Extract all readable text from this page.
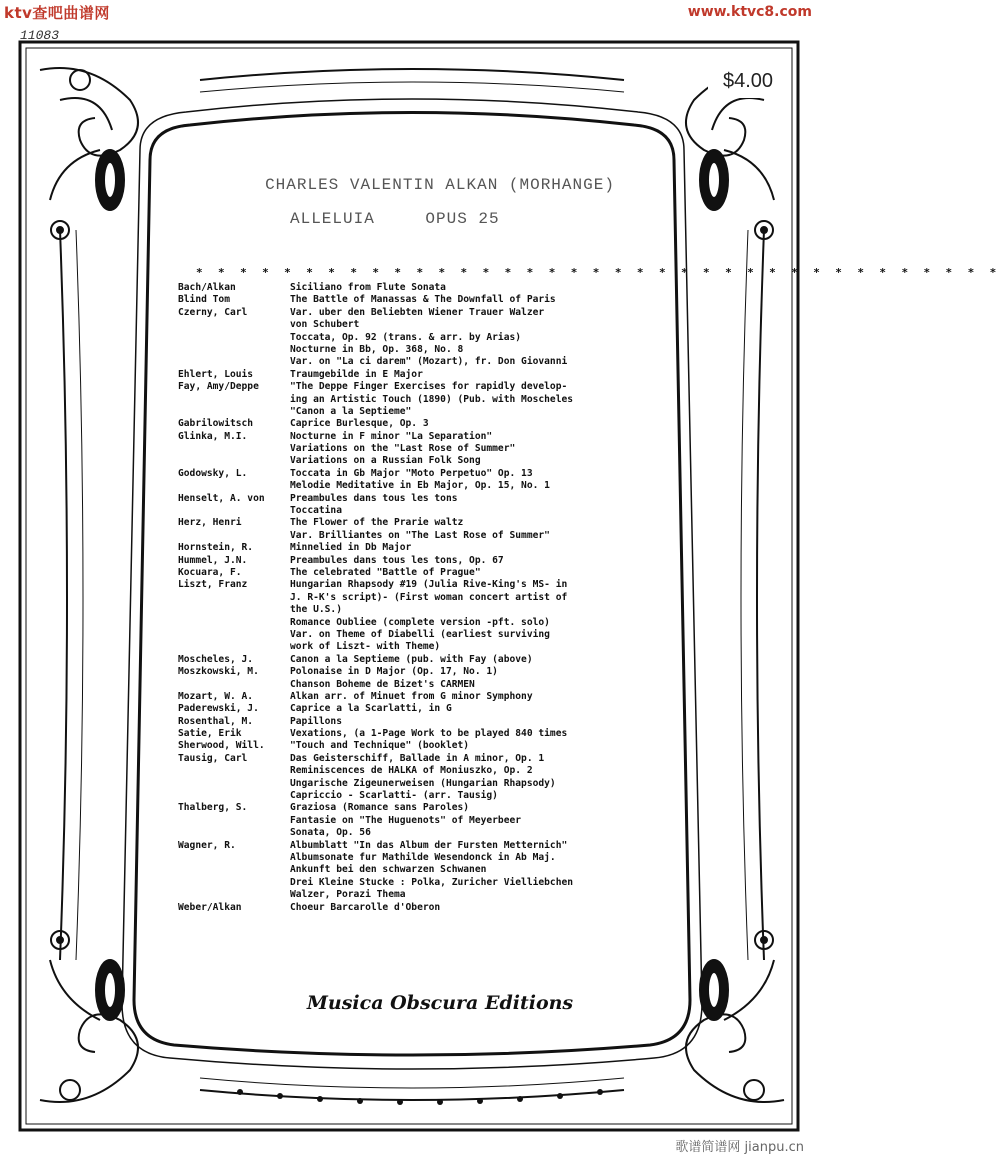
ktv查吧曲谱网	www.ktvc8.com
歌谱简谱网 jianpu.cn
11083
$4.00
CHARLES VALENTIN ALKAN (MORHANGE)
ALLELUIA	OPUS 25
* * * * * * * * * * * * * * * * * * * * * * * * * * * * * * * * * * * * *
Bach/Alkan	Siciliano from Flute Sonata
Blind Tom	The Battle of Manassas & The Downfall of Paris
Czerny, Carl	Var. uber den Beliebten Wiener Trauer Walzer
von Schubert
Toccata, Op. 92 (trans. & arr. by Arias)
Nocturne in Bb, Op. 368, No. 8
Var. on "La ci darem" (Mozart), fr. Don Giovanni
Ehlert, Louis	Traumgebilde in E Major
Fay, Amy/Deppe	"The Deppe Finger Exercises for rapidly develop-
ing an Artistic Touch (1890) (Pub. with Moscheles
"Canon a la Septieme"
Gabrilowitsch	Caprice Burlesque, Op. 3
Glinka, M.I.	Nocturne in F minor "La Separation"
Variations on the "Last Rose of Summer"
Variations on a Russian Folk Song
Godowsky, L.	Toccata in Gb Major "Moto Perpetuo" Op. 13
Melodie Meditative in Eb Major, Op. 15, No. 1
Henselt, A. von	Preambules dans tous les tons
Toccatina
Herz, Henri	The Flower of the Prarie waltz
Var. Brilliantes on "The Last Rose of Summer"
Hornstein, R.	Minnelied in Db Major
Hummel, J.N.	Preambules dans tous les tons, Op. 67
Kocuara, F.	The celebrated "Battle of Prague"
Liszt, Franz	Hungarian Rhapsody #19 (Julia Rive-King's MS- in
J. R-K's script)- (First woman concert artist of
the U.S.)
Romance Oubliee (complete version -pft. solo)
Var. on Theme of Diabelli (earliest surviving
work of Liszt- with Theme)
Moscheles, J.	Canon a la Septieme (pub. with Fay (above)
Moszkowski, M.	Polonaise in D Major (Op. 17, No. 1)
Chanson Boheme de Bizet's CARMEN
Mozart, W. A.	Alkan arr. of Minuet from G minor Symphony
Paderewski, J.	Caprice a la Scarlatti, in G
Rosenthal, M.	Papillons
Satie, Erik	Vexations, (a 1-Page Work to be played 840 times
Sherwood, Will.	"Touch and Technique" (booklet)
Tausig, Carl	Das Geisterschiff, Ballade in A minor, Op. 1
Reminiscences de HALKA of Moniuszko, Op. 2
Ungarische Zigeunerweisen (Hungarian Rhapsody)
Capriccio - Scarlatti- (arr. Tausig)
Thalberg, S.	Graziosa (Romance sans Paroles)
Fantasie on "The Huguenots" of Meyerbeer
Sonata, Op. 56
Wagner, R.	Albumblatt "In das Album der Fursten Metternich"
Albumsonate fur Mathilde Wesendonck in Ab Maj.
Ankunft bei den schwarzen Schwanen
Drei Kleine Stucke : Polka, Zuricher Vielliebchen
Walzer, Porazi Thema
Weber/Alkan	Choeur Barcarolle d'Oberon
Musica Obscura Editions
